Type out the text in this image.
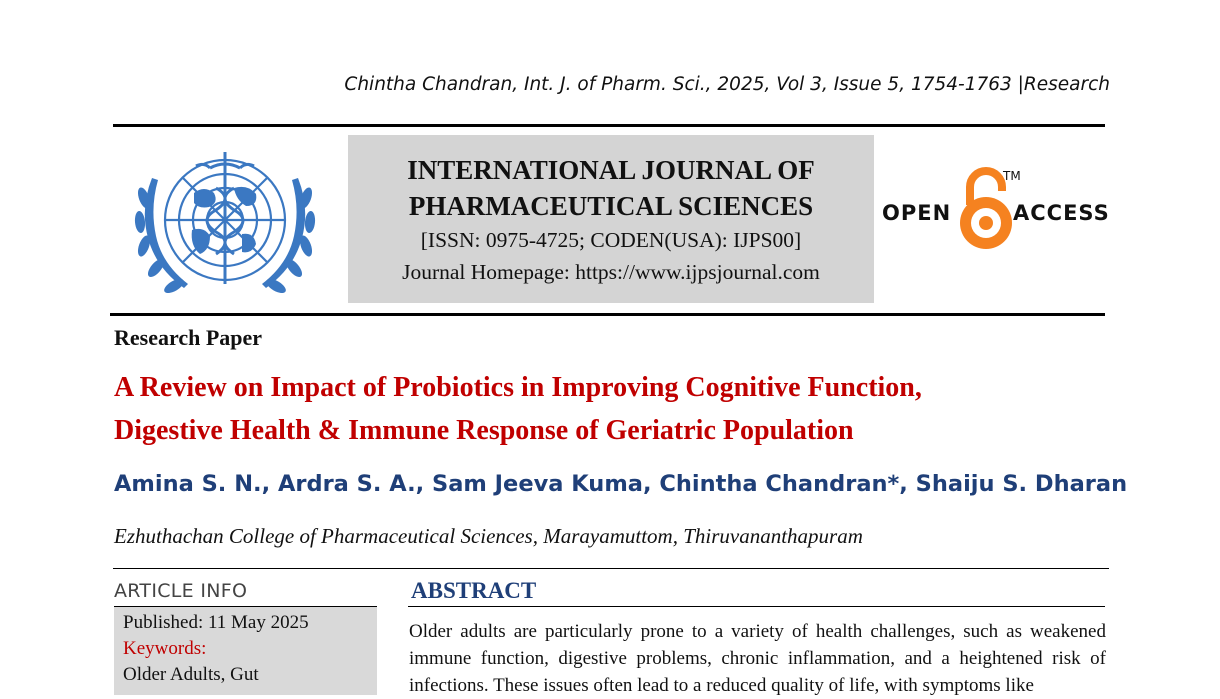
Chintha Chandran, Int. J. of Pharm. Sci., 2025, Vol 3, Issue 5, 1754-1763 |Research
INTERNATIONAL JOURNAL OF
PHARMACEUTICAL SCIENCES
[ISSN: 0975-4725; CODEN(USA): IJPS00]
Journal Homepage: https://www.ijpsjournal.com
OPEN
TM
ACCESS
Research Paper
A Review on Impact of Probiotics in Improving Cognitive Function,
Digestive Health & Immune Response of Geriatric Population
Amina S. N., Ardra S. A., Sam Jeeva Kuma, Chintha Chandran*, Shaiju S. Dharan
Ezhuthachan College of Pharmaceutical Sciences, Marayamuttom, Thiruvananthapuram
ARTICLE INFO
Published: 11 May 2025
Keywords:
Older Adults, Gut
ABSTRACT
Older adults are particularly prone to a variety of health challenges, such as weakened immune function, digestive problems, chronic inflammation, and a heightened risk of infections. These issues often lead to a reduced quality of life, with symptoms like
